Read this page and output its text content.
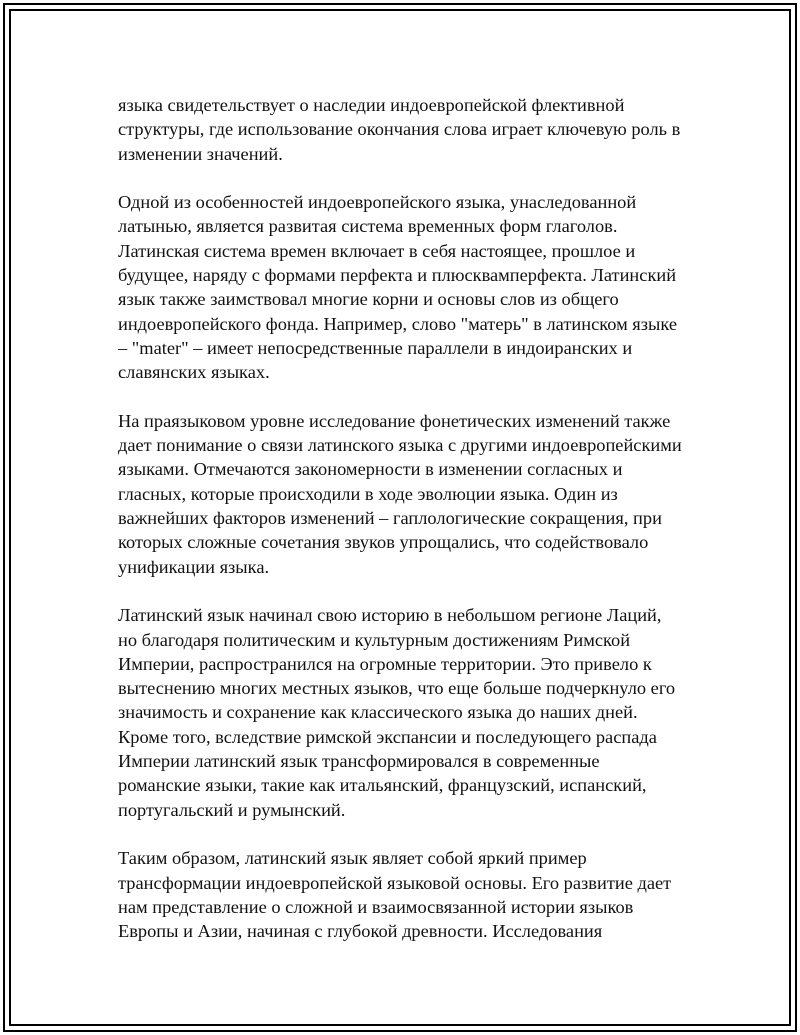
языка свидетельствует о наследии индоевропейской флективной
структуры, где использование окончания слова играет ключевую роль в
изменении значений.

Одной из особенностей индоевропейского языка, унаследованной
латынью, является развитая система временных форм глаголов.
Латинская система времен включает в себя настоящее, прошлое и
будущее, наряду с формами перфекта и плюсквамперфекта. Латинский
язык также заимствовал многие корни и основы слов из общего
индоевропейского фонда. Например, слово "матерь" в латинском языке
– "mater" – имеет непосредственные параллели в индоиранских и
славянских языках.

На праязыковом уровне исследование фонетических изменений также
дает понимание о связи латинского языка с другими индоевропейскими
языками. Отмечаются закономерности в изменении согласных и
гласных, которые происходили в ходе эволюции языка. Один из
важнейших факторов изменений – гаплологические сокращения, при
которых сложные сочетания звуков упрощались, что содействовало
унификации языка.

Латинский язык начинал свою историю в небольшом регионе Лаций,
но благодаря политическим и культурным достижениям Римской
Империи, распространился на огромные территории. Это привело к
вытеснению многих местных языков, что еще больше подчеркнуло его
значимость и сохранение как классического языка до наших дней.
Кроме того, вследствие римской экспансии и последующего распада
Империи латинский язык трансформировался в современные
романские языки, такие как итальянский, французский, испанский,
португальский и румынский.

Таким образом, латинский язык являет собой яркий пример
трансформации индоевропейской языковой основы. Его развитие дает
нам представление о сложной и взаимосвязанной истории языков
Европы и Азии, начиная с глубокой древности. Исследования
